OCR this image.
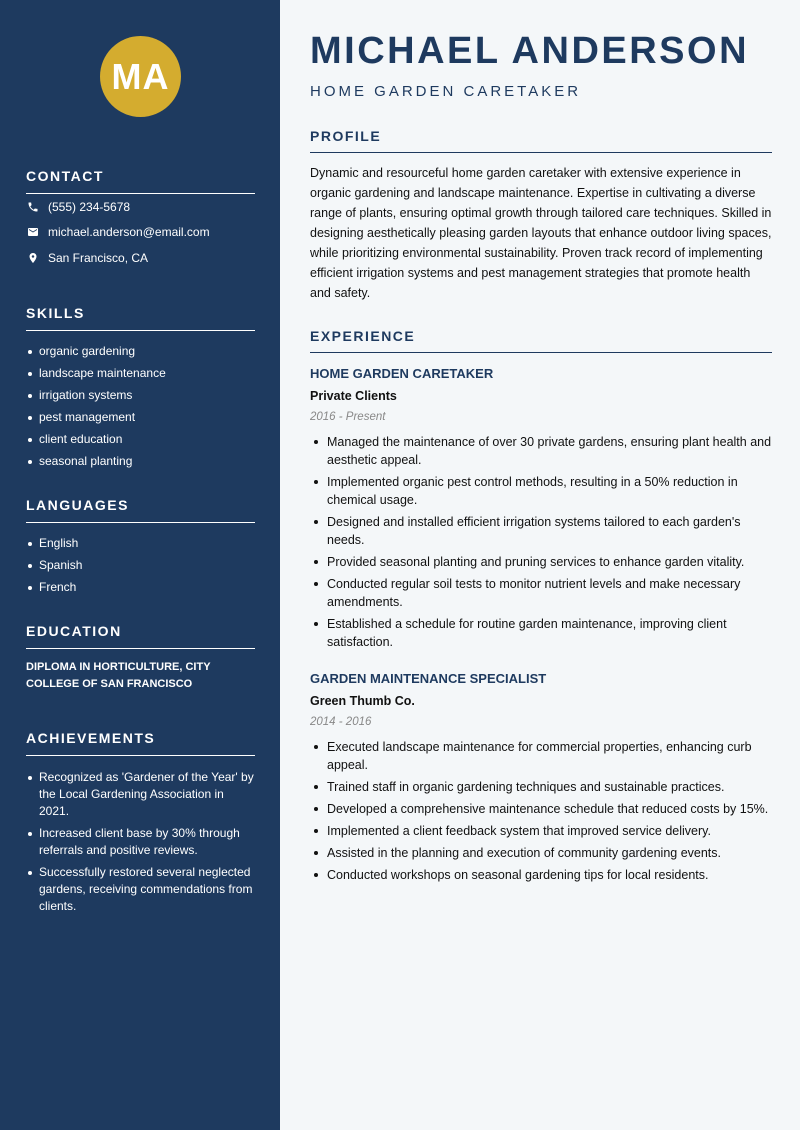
MA
CONTACT
(555) 234-5678
michael.anderson@email.com
San Francisco, CA
SKILLS
organic gardening
landscape maintenance
irrigation systems
pest management
client education
seasonal planting
LANGUAGES
English
Spanish
French
EDUCATION
DIPLOMA IN HORTICULTURE, CITY COLLEGE OF SAN FRANCISCO
ACHIEVEMENTS
Recognized as 'Gardener of the Year' by the Local Gardening Association in 2021.
Increased client base by 30% through referrals and positive reviews.
Successfully restored several neglected gardens, receiving commendations from clients.
MICHAEL ANDERSON
HOME GARDEN CARETAKER
PROFILE

Dynamic and resourceful home garden caretaker with extensive experience in organic gardening and landscape maintenance. Expertise in cultivating a diverse range of plants, ensuring optimal growth through tailored care techniques. Skilled in designing aesthetically pleasing garden layouts that enhance outdoor living spaces, while prioritizing environmental sustainability. Proven track record of implementing efficient irrigation systems and pest management strategies that promote health and safety.

EXPERIENCE
HOME GARDEN CARETAKER
Private Clients
2016 - Present
Managed the maintenance of over 30 private gardens, ensuring plant health and aesthetic appeal.
Implemented organic pest control methods, resulting in a 50% reduction in chemical usage.
Designed and installed efficient irrigation systems tailored to each garden's needs.
Provided seasonal planting and pruning services to enhance garden vitality.
Conducted regular soil tests to monitor nutrient levels and make necessary amendments.
Established a schedule for routine garden maintenance, improving client satisfaction.
GARDEN MAINTENANCE SPECIALIST
Green Thumb Co.
2014 - 2016
Executed landscape maintenance for commercial properties, enhancing curb appeal.
Trained staff in organic gardening techniques and sustainable practices.
Developed a comprehensive maintenance schedule that reduced costs by 15%.
Implemented a client feedback system that improved service delivery.
Assisted in the planning and execution of community gardening events.
Conducted workshops on seasonal gardening tips for local residents.
